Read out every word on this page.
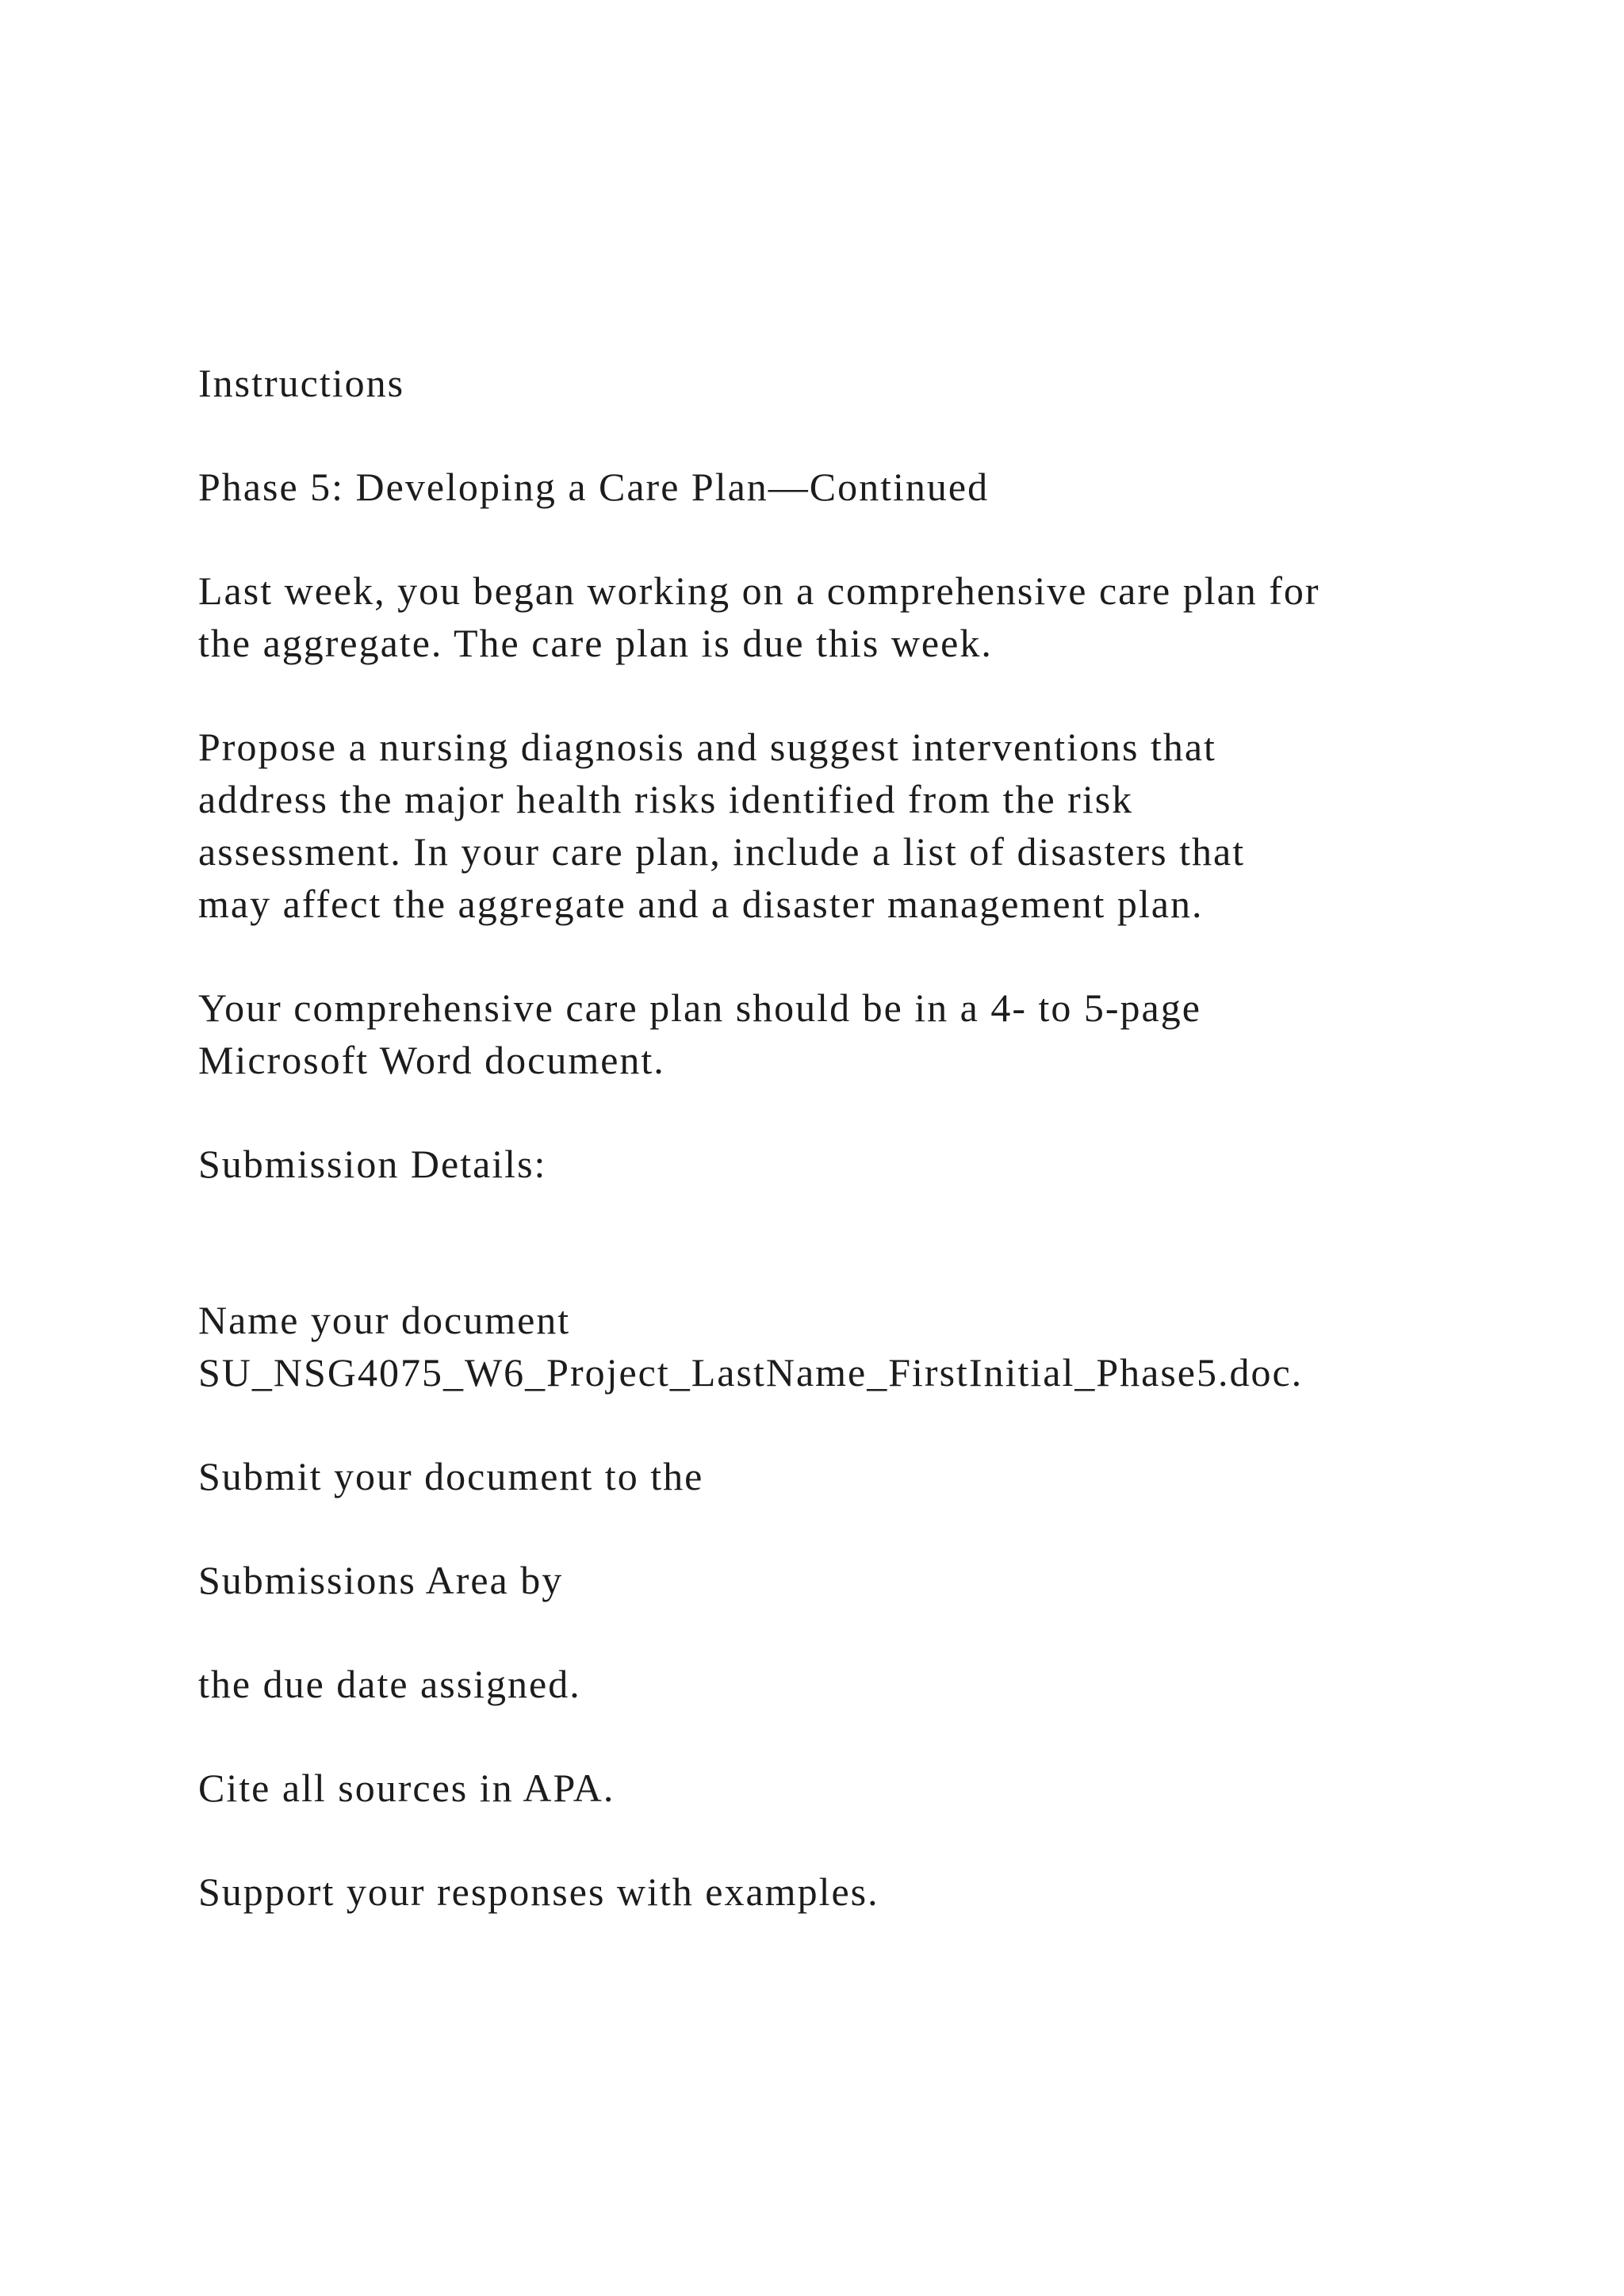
Instructions

Phase 5: Developing a Care Plan—Continued

Last week, you began working on a comprehensive care plan for

the aggregate. The care plan is due this week.

Propose a nursing diagnosis and suggest interventions that

address the major health risks identified from the risk

assessment. In your care plan, include a list of disasters that

may affect the aggregate and a disaster management plan.

Your comprehensive care plan should be in a 4- to 5-page

Microsoft Word document.

Submission Details:

Name your document

SU_NSG4075_W6_Project_LastName_FirstInitial_Phase5.doc.

Submit your document to the

Submissions Area by

the due date assigned.

Cite all sources in APA.

Support your responses with examples.
